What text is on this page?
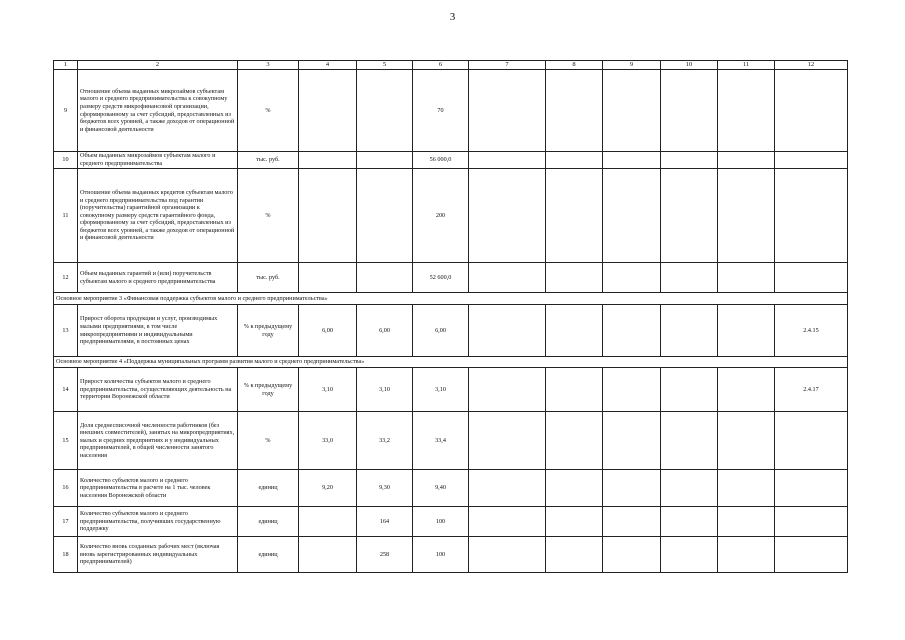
3
1	2	3	4	5	6	7	8	9	10	11	12
9	Отношение объема выданных микрозаймов субъектам малого и среднего предпринимательства к совокупному размеру средств микрофинансовой организации, сформированному за счет субсидий, предоставленных из бюджетов всех уровней, а также доходов от операционной и финансовой деятельности	%			70						
10	Объем выданных микрозаймов субъектам малого и среднего предпринимательства	тыс. руб.			56 000,0						
11	Отношение объема выданных кредитов субъектам малого и среднего предпринимательства под гарантии (поручительства) гарантийной организации к совокупному размеру средств гарантийного фонда, сформированному за счет субсидий, предоставленных из бюджетов всех уровней, а также доходов от операционной и финансовой деятельности	%			200						
12	Объем выданных гарантий и (или) поручительств субъектам малого и среднего предпринимательства	тыс. руб.			52 600,0						
Основное мероприятие 3 «Финансовая поддержка субъектов малого и среднего предпринимательства»											
13	Прирост оборота продукции и услуг, производимых малыми предприятиями, в том числе микропредприятиями и индивидуальными предпринимателями, в постоянных ценах	% к предыдущему году	6,00	6,00	6,00						2.4.15
Основное мероприятие 4 «Поддержка муниципальных программ развития малого и среднего предпринимательства»											
14	Прирост количества субъектов малого и среднего предпринимательства, осуществляющих деятельность на территории Воронежской области	% к предыдущему году	3,10	3,10	3,10						2.4.17
15	Доля среднесписочной численности работников (без внешних совместителей), занятых на микропредприятиях, малых и средних предприятиях и у индивидуальных предпринимателей, в общей численности занятого населения	%	33,0	33,2	33,4						
16	Количество субъектов малого и среднего предпринимательства в расчете на 1 тыс. человек населения Воронежской области	единиц	9,20	9,30	9,40						
17	Количество субъектов малого и среднего предпринимательства, получивших государственную поддержку	единиц		164	100						
18	Количество вновь созданных рабочих мест (включая вновь зарегистрированных индивидуальных предпринимателей)	единиц		258	100						
